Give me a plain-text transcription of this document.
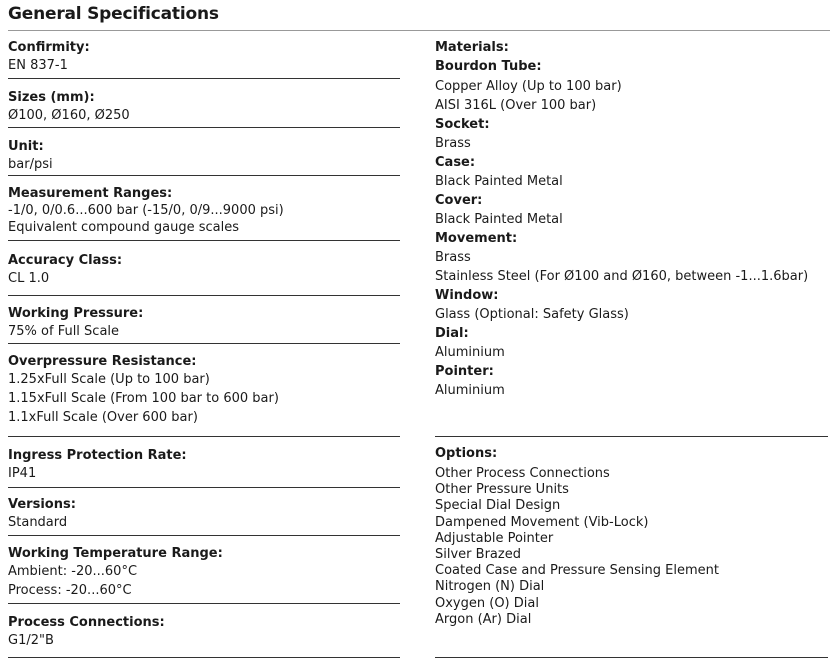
General Specifications
Confirmity:
EN 837-1
Sizes (mm):
Ø100, Ø160, Ø250
Unit:
bar/psi
Measurement Ranges:
-1/0, 0/0.6...600 bar (-15/0, 0/9...9000 psi)
Equivalent compound gauge scales
Accuracy Class:
CL 1.0
Working Pressure:
75% of Full Scale
Overpressure Resistance:
1.25xFull Scale (Up to 100 bar)
1.15xFull Scale (From 100 bar to 600 bar)
1.1xFull Scale (Over 600 bar)
Ingress Protection Rate:
IP41
Versions:
Standard
Working Temperature Range:
Ambient: -20...60°C
Process: -20...60°C
Process Connections:
G1/2"B
Materials:
Bourdon Tube:
Copper Alloy (Up to 100 bar)
AISI 316L (Over 100 bar)
Socket:
Brass
Case:
Black Painted Metal
Cover:
Black Painted Metal
Movement:
Brass
Stainless Steel (For Ø100 and Ø160, between -1...1.6bar)
Window:
Glass (Optional: Safety Glass)
Dial:
Aluminium
Pointer:
Aluminium
Options:
Other Process Connections
Other Pressure Units
Special Dial Design
Dampened Movement (Vib-Lock)
Adjustable Pointer
Silver Brazed
Coated Case and Pressure Sensing Element
Nitrogen (N) Dial
Oxygen (O) Dial
Argon (Ar) Dial
